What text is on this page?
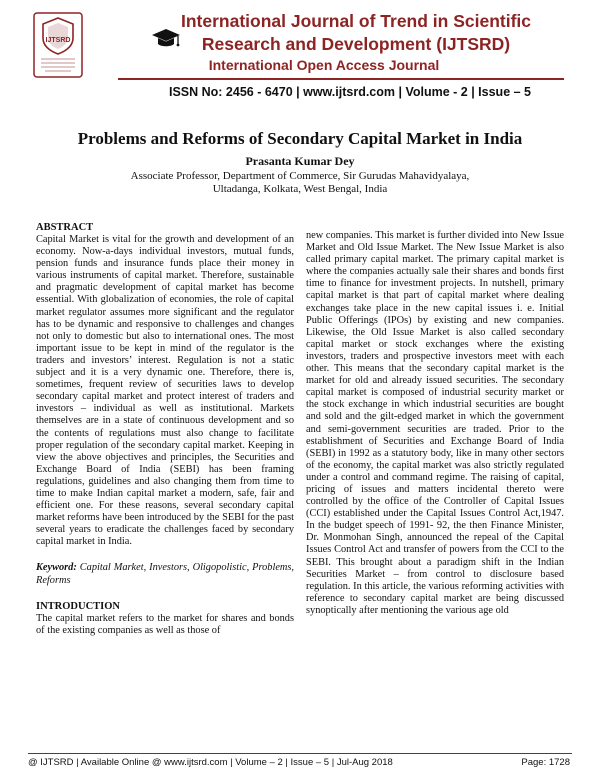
IJTSRD
International Journal of Trend in Scientific Research and Development (IJTSRD)
International Open Access Journal
ISSN No: 2456 - 6470 | www.ijtsrd.com | Volume - 2 | Issue – 5
Problems and Reforms of Secondary Capital Market in India
Prasanta Kumar Dey
Associate Professor, Department of Commerce, Sir Gurudas Mahavidyalaya,
Ultadanga, Kolkata, West Bengal, India
ABSTRACT

Capital Market is vital for the growth and development of an economy. Now-a-days individual investors, mutual funds, pension funds and insurance funds place their money in various instruments of capital market. Therefore, sustainable and pragmatic development of capital market has become essential. With globalization of economies, the role of capital market regulator assumes more significant and the regulator has to be dynamic and responsive to challenges and changes not only to domestic but also to international ones. The most important issue to be kept in mind of the regulator is the traders and investors’ interest. Regulation is not a static subject and it is a very dynamic one. Therefore, there is, sometimes, frequent review of securities laws to develop secondary capital market and protect interest of traders and investors – individual as well as institutional. Markets themselves are in a state of continuous development and so the contents of regulations must also change to facilitate proper regulation of the secondary capital market. Keeping in view the above objectives and principles, the Securities and Exchange Board of India (SEBI) has been framing regulations, guidelines and also changing them from time to time to make Indian capital market a modern, safe, fair and efficient one. For these reasons, several secondary capital market reforms have been introduced by the SEBI for the past several years to eradicate the challenges faced by secondary capital market in India.

Keyword: Capital Market, Investors, Oligopolistic, Problems, Reforms

INTRODUCTION

The capital market refers to the market for shares and bonds of the existing companies as well as those of

new companies. This market is further divided into New Issue Market and Old Issue Market. The New Issue Market is also called primary capital market. The primary capital market is where the companies actually sale their shares and bonds first time to finance for investment projects. In nutshell, primary capital market is that part of capital market where dealing exchanges take place in the new capital issues i. e. Initial Public Offerings (IPOs) by existing and new companies. Likewise, the Old Issue Market is also called secondary capital market or stock exchanges where the existing investors, traders and prospective investors meet with each other. This means that the secondary capital market is the market for old and already issued securities. The secondary capital market is composed of industrial security market or the stock exchange in which industrial securities are bought and sold and the gilt-edged market in which the government and semi-government securities are traded. Prior to the establishment of Securities and Exchange Board of India (SEBI) in 1992 as a statutory body, like in many other sectors of the economy, the capital market was also strictly regulated under a control and command regime. The raising of capital, pricing of issues and matters incidental thereto were controlled by the office of the Controller of Capital Issues (CCI) established under the Capital Issues Control Act,1947. In the budget speech of 1991- 92, the then Finance Minister, Dr. Monmohan Singh, announced the repeal of the Capital Issues Control Act and transfer of powers from the CCI to the SEBI. This brought about a paradigm shift in the Indian Securities Market – from control to disclosure based regulation. In this article, the various reforming activities with reference to secondary capital market are being discussed synoptically after mentioning the various age old

@ IJTSRD | Available Online @ www.ijtsrd.com | Volume – 2 | Issue – 5 | Jul-Aug 2018	Page: 1728
